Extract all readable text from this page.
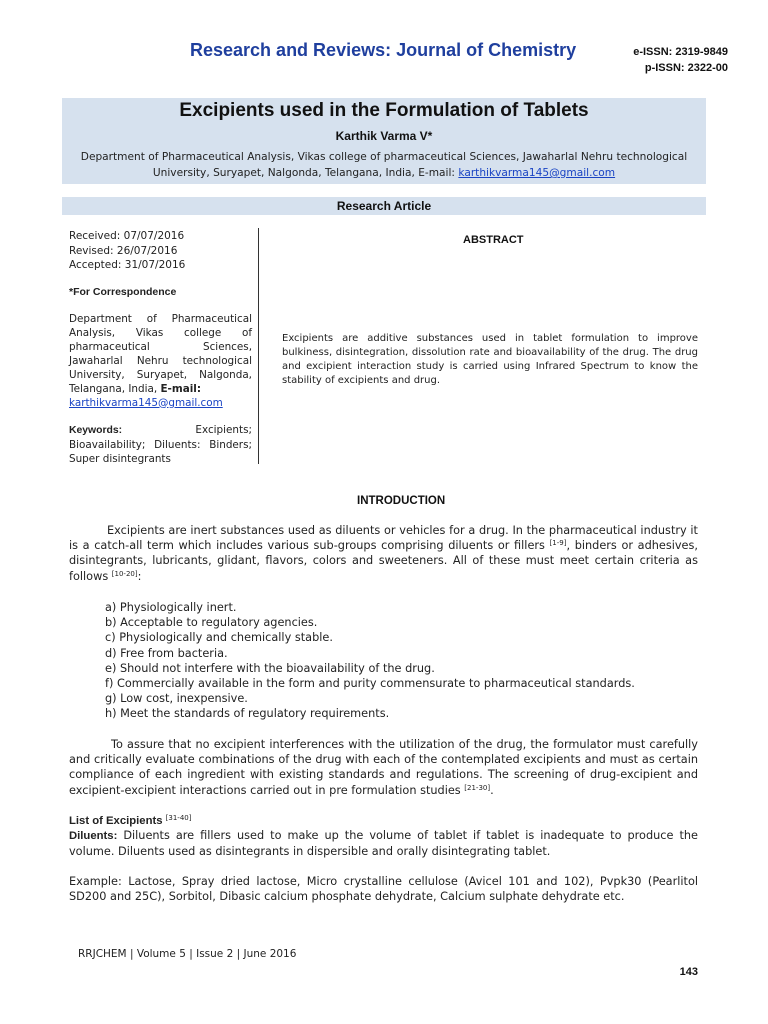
Research and Reviews: Journal of Chemistry	e-ISSN: 2319-9849
p-ISSN: 2322-00
Excipients used in the Formulation of Tablets
Karthik Varma V*
Department of Pharmaceutical Analysis, Vikas college of pharmaceutical Sciences, Jawaharlal Nehru technological University, Suryapet, Nalgonda, Telangana, India, E-mail: karthikvarma145@gmail.com
Research Article
Received: 07/07/2016
Revised: 26/07/2016
Accepted: 31/07/2016
*For Correspondence
Department of Pharmaceutical Analysis, Vikas college of pharmaceutical Sciences, Jawaharlal Nehru technological University, Suryapet, Nalgonda, Telangana, India, E-mail:
karthikvarma145@gmail.com
Keywords:	Excipients; Bioavailability; Diluents: Binders; Super disintegrants
ABSTRACT
Excipients are additive substances used in tablet formulation to improve bulkiness, disintegration, dissolution rate and bioavailability of the drug. The drug and excipient interaction study is carried using Infrared Spectrum to know the stability of excipients and drug.
INTRODUCTION
Excipients are inert substances used as diluents or vehicles for a drug. In the pharmaceutical industry it is a catch-all term which includes various sub-groups comprising diluents or fillers [1-9], binders or adhesives, disintegrants, lubricants, glidant, flavors, colors and sweeteners. All of these must meet certain criteria as follows [10-20]:
a) Physiologically inert.
b) Acceptable to regulatory agencies.
c) Physiologically and chemically stable.
d) Free from bacteria.
e) Should not interfere with the bioavailability of the drug.
f) Commercially available in the form and purity commensurate to pharmaceutical standards.
g) Low cost, inexpensive.
h) Meet the standards of regulatory requirements.
To assure that no excipient interferences with the utilization of the drug, the formulator must carefully and critically evaluate combinations of the drug with each of the contemplated excipients and must as certain compliance of each ingredient with existing standards and regulations. The screening of drug-excipient and excipient-excipient interactions carried out in pre formulation studies [21-30].
List of Excipients [31-40]
Diluents: Diluents are fillers used to make up the volume of tablet if tablet is inadequate to produce the volume. Diluents used as disintegrants in dispersible and orally disintegrating tablet.
Example: Lactose, Spray dried lactose, Micro crystalline cellulose (Avicel 101 and 102), Pvpk30 (Pearlitol SD200 and 25C), Sorbitol, Dibasic calcium phosphate dehydrate, Calcium sulphate dehydrate etc.
RRJCHEM | Volume 5 | Issue 2 | June 2016
143
